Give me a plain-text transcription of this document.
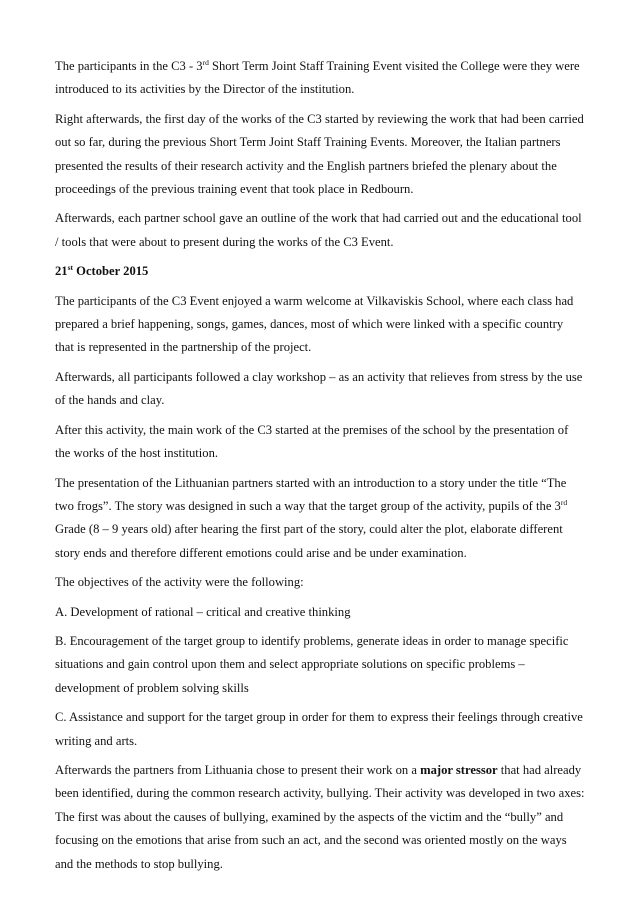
The participants in the C3 - 3rd Short Term Joint Staff Training Event visited the College were they were introduced to its activities by the Director of the institution.

Right afterwards, the first day of the works of the C3 started by reviewing the work that had been carried out so far, during the previous Short Term Joint Staff Training Events. Moreover, the Italian partners presented the results of their research activity and the English partners briefed the plenary about the proceedings of the previous training event that took place in Redbourn.

Afterwards, each partner school gave an outline of the work that had carried out and the educational tool / tools that were about to present during the works of the C3 Event.

21st October 2015

The participants of the C3 Event enjoyed a warm welcome at Vilkaviskis School, where each class had prepared a brief happening, songs, games, dances, most of which were linked with a specific country that is represented in the partnership of the project.

Afterwards, all participants followed a clay workshop – as an activity that relieves from stress by the use of the hands and clay.

After this activity, the main work of the C3 started at the premises of the school by the presentation of the works of the host institution.

The presentation of the Lithuanian partners started with an introduction to a story under the title “The two frogs”. The story was designed in such a way that the target group of the activity, pupils of the 3rd Grade (8 – 9 years old) after hearing the first part of the story, could alter the plot, elaborate different story ends and therefore different emotions could arise and be under examination.

The objectives of the activity were the following:

A. Development of rational – critical and creative thinking

B. Encouragement of the target group to identify problems, generate ideas in order to manage specific situations and gain control upon them and select appropriate solutions on specific problems – development of problem solving skills

C. Assistance and support for the target group in order for them to express their feelings through creative writing and arts.

Afterwards the partners from Lithuania chose to present their work on a major stressor that had already been identified, during the common research activity, bullying. Their activity was developed in two axes: The first was about the causes of bullying, examined by the aspects of the victim and the “bully” and focusing on the emotions that arise from such an act, and the second was oriented mostly on the ways and the methods to stop bullying.
